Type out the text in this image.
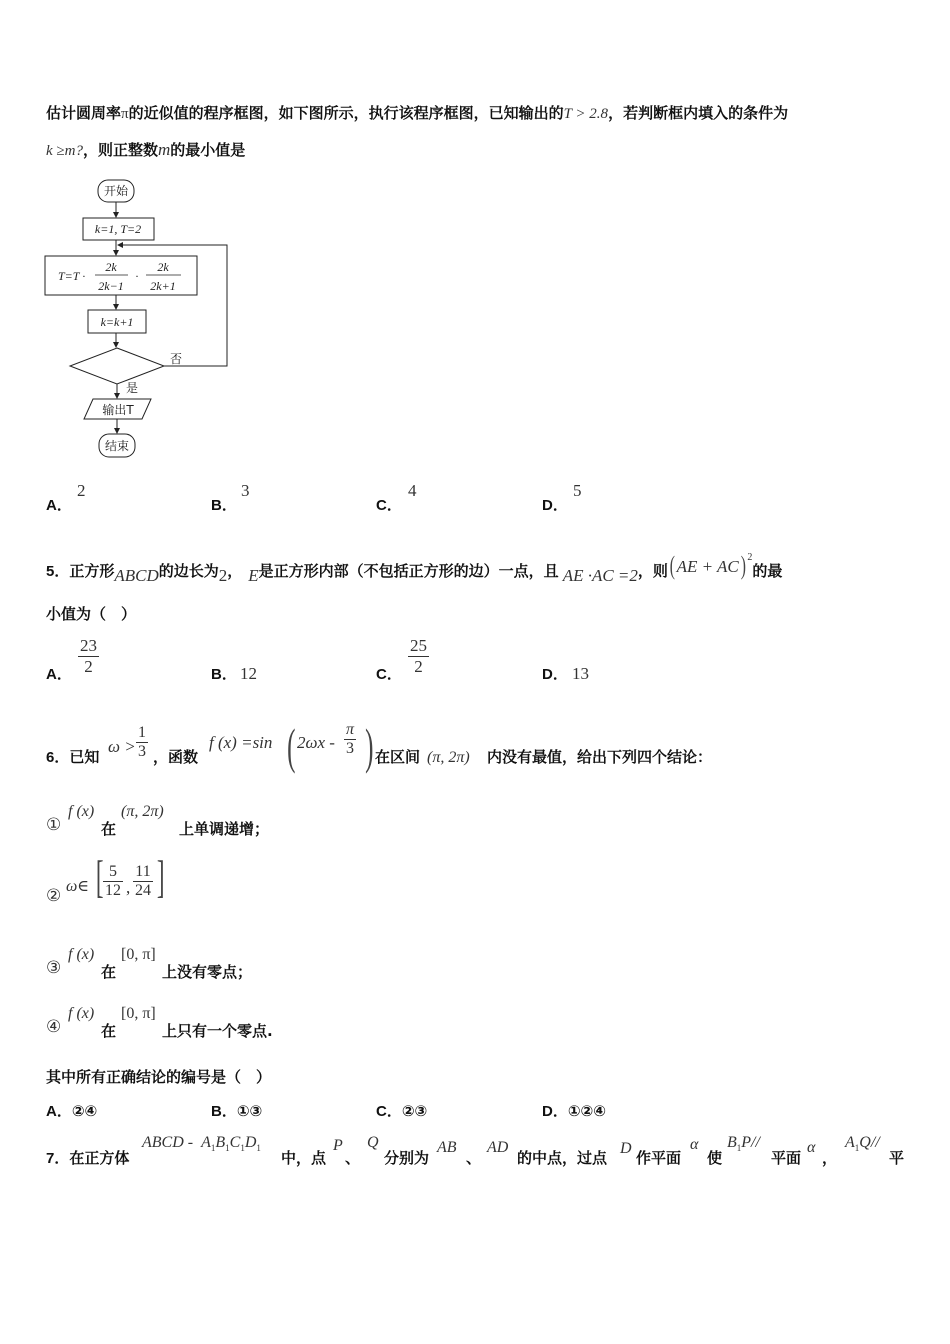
估计圆周率π的近似值的程序框图，如下图所示，执行该程序框图，已知输出的T > 2.8，若判断框内填入的条件为
k ≥m?，则正整数m的最小值是
开始
k=1, T=2
T=T ·
2k
2k−1
·
2k
2k+1
k=k+1
否
是
输出T
结束
A．
2
B．
3
C．
4
D．
5
5．正方形ABCD的边长为2， E是正方形内部（不包括正方形的边）一点，且 AE ·AC =2，则( AE + AC) $^2$的最
小值为（　）
A． $\frac{23}{2}$	B． 12	C． $\frac{25}{2}$	D． 13
6．已知
$\omega > \frac{1}{3}$ ，函数
f (x) =sin ( $2\omega x - \frac{\pi}{3}$ ) 在区间 (π, 2π) 内没有最值，给出下列四个结论：
①
f (x)
在
(π, 2π)
上单调递增；
② ω∈ [ $\frac{5}{12}$ , $\frac{11}{24}$ ]
③
f (x)
在
[0, π]
上没有零点；
④
f (x)
在
[0, π]
上只有一个零点.
其中所有正确结论的编号是（　）
A．②④	B．①③	C．②③	D．①②④
7．在正方体
ABCD - $A_1B_1C_1D_1$
中，点
P
、
Q
分别为
AB
、
AD
的中点，过点
D
作平面
α
使
$B_1P//$
平面
α
，
$A_1Q//$
平
